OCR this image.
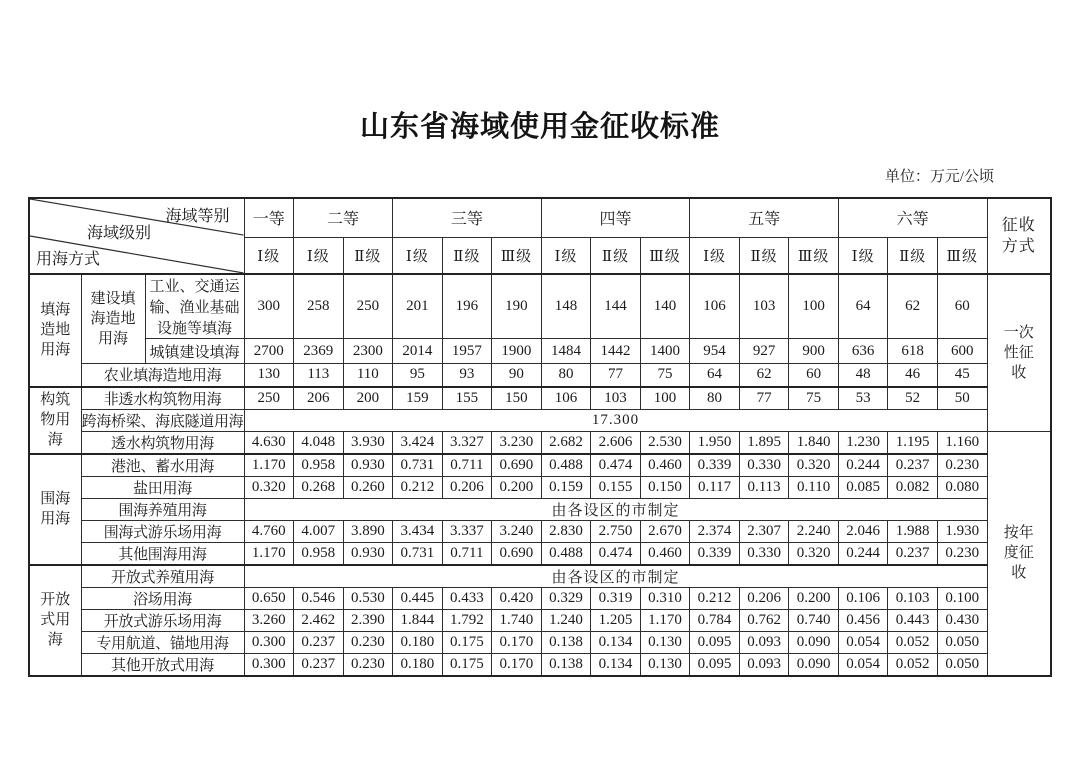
山东省海域使用金征收标准
单位：万元/公顷
海域等别
海域级别
用海方式			一等	二等		三等			四等			五等			六等			征收方式

			Ⅰ级	Ⅰ级	Ⅱ级	Ⅰ级	Ⅱ级	Ⅲ级	Ⅰ级	Ⅱ级	Ⅲ级	Ⅰ级	Ⅱ级	Ⅲ级	Ⅰ级	Ⅱ级	Ⅲ级	

填海造地用海	建设填海造地用海	工业、交通运输、渔业基础设施等填海	300	258	250	201	196	190	148	144	140	106	103	100	64	62	60	一次性征收

		城镇建设填海	2700	2369	2300	2014	1957	1900	1484	1442	1400	954	927	900	636	618	600	
	农业填海造地用海		130	113	110	95	93	90	80	77	75	64	62	60	48	46	45	

构筑物用海	非透水构筑物用海		250	206	200	159	155	150	106	103	100	80	77	75	53	52	50	
	跨海桥梁、海底隧道用海		17.300															
	透水构筑物用海		4.630	4.048	3.930	3.424	3.327	3.230	2.682	2.606	2.530	1.950	1.895	1.840	1.230	1.195	1.160	按年度征收

围海用海	港池、蓄水用海		1.170	0.958	0.930	0.731	0.711	0.690	0.488	0.474	0.460	0.339	0.330	0.320	0.244	0.237	0.230	
	盐田用海		0.320	0.268	0.260	0.212	0.206	0.200	0.159	0.155	0.150	0.117	0.113	0.110	0.085	0.082	0.080	
	围海养殖用海		由各设区的市制定															
	围海式游乐场用海		4.760	4.007	3.890	3.434	3.337	3.240	2.830	2.750	2.670	2.374	2.307	2.240	2.046	1.988	1.930	
	其他围海用海		1.170	0.958	0.930	0.731	0.711	0.690	0.488	0.474	0.460	0.339	0.330	0.320	0.244	0.237	0.230	

开放式用海	开放式养殖用海		由各设区的市制定															
	浴场用海		0.650	0.546	0.530	0.445	0.433	0.420	0.329	0.319	0.310	0.212	0.206	0.200	0.106	0.103	0.100	
	开放式游乐场用海		3.260	2.462	2.390	1.844	1.792	1.740	1.240	1.205	1.170	0.784	0.762	0.740	0.456	0.443	0.430	
	专用航道、锚地用海		0.300	0.237	0.230	0.180	0.175	0.170	0.138	0.134	0.130	0.095	0.093	0.090	0.054	0.052	0.050	
	其他开放式用海		0.300	0.237	0.230	0.180	0.175	0.170	0.138	0.134	0.130	0.095	0.093	0.090	0.054	0.052	0.050	
